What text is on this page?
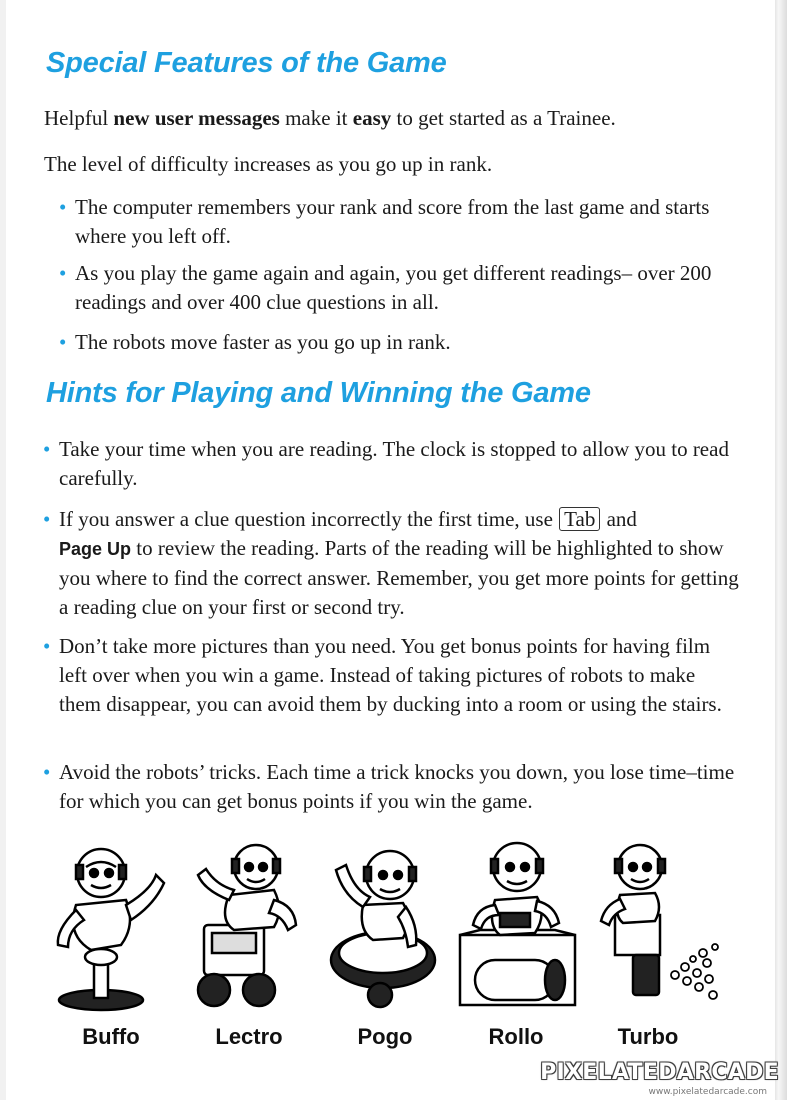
Special Features of the Game

Helpful new user messages make it easy to get started as a Trainee.

The level of difficulty increases as you go up in rank.

• The computer remembers your rank and score from the last game and starts where you left off.

• As you play the game again and again, you get different readings– over 200 readings and over 400 clue questions in all.

• The robots move faster as you go up in rank.

Hints for Playing and Winning the Game

• Take your time when you are reading. The clock is stopped to allow you to read carefully.

• If you answer a clue question incorrectly the first time, use Tab and
Page Up to review the reading. Parts of the reading will be highlighted to show you where to find the correct answer. Remember, you get more points for getting a reading clue on your first or second try.

• Don’t take more pictures than you need. You get bonus points for having film left over when you win a game. Instead of taking pictures of robots to make them disappear, you can avoid them by ducking into a room or using the stairs.

• Avoid the robots’ tricks. Each time a trick knocks you down, you lose time–time for which you can get bonus points if you win the game.

Buffo	Lectro	Pogo	Rollo	Turbo
PIXELATEDARCADE
www.pixelatedarcade.com
